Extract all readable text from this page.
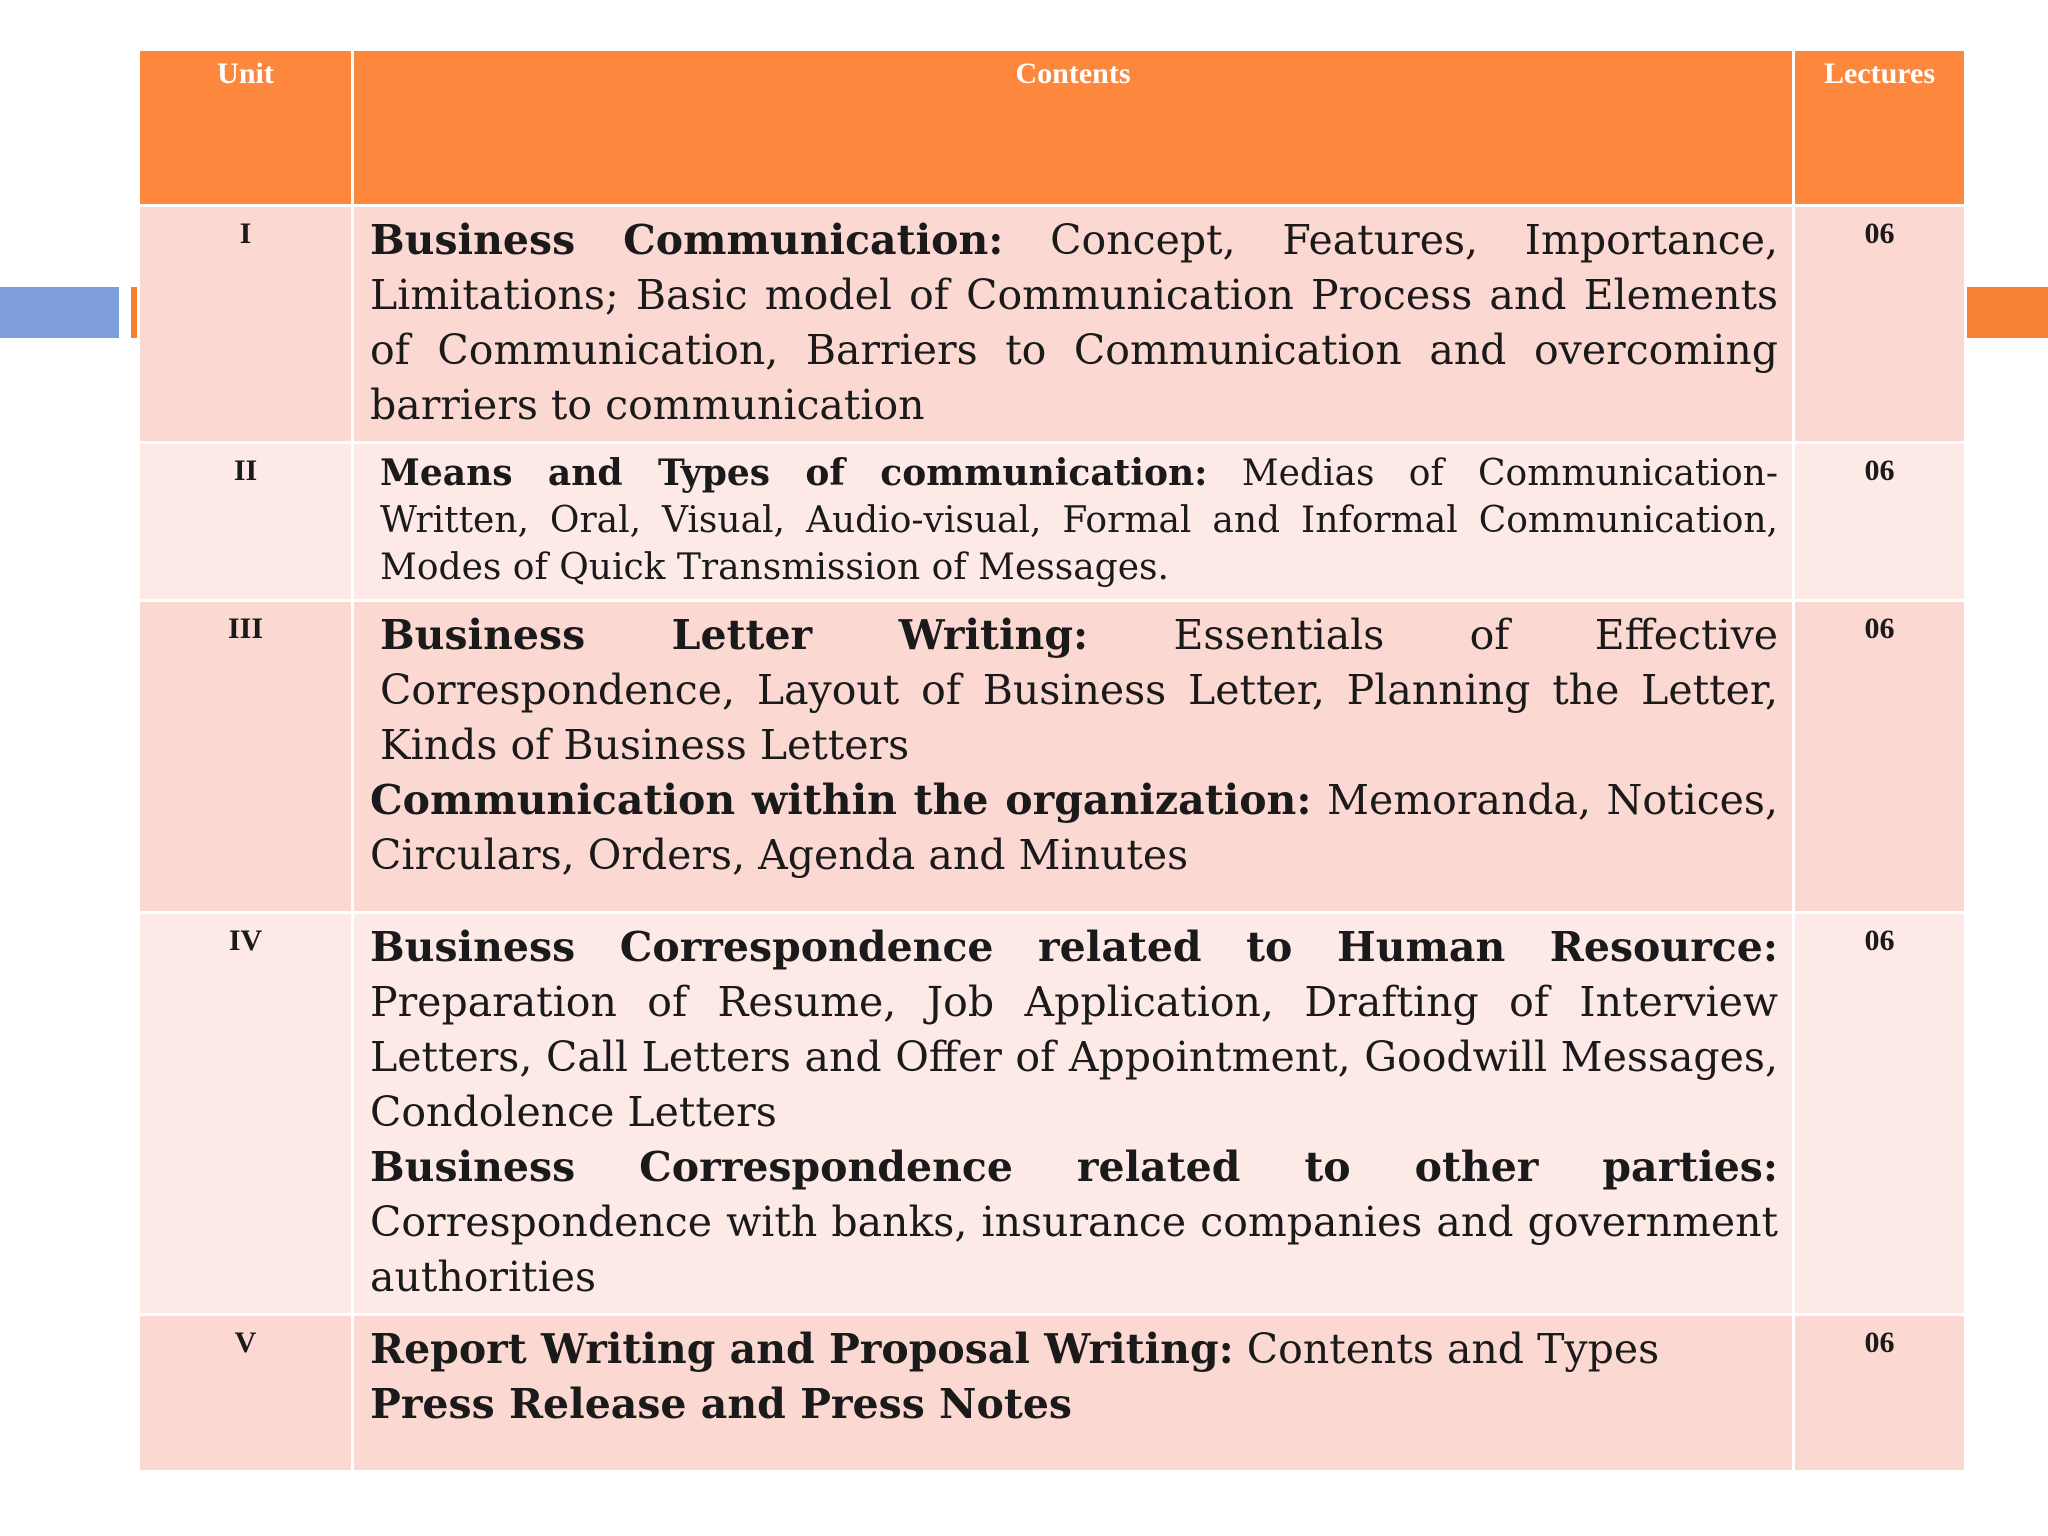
Unit	Contents	Lectures
I	Business Communication: Concept, Features, Importance, Limitations; Basic model of Communication Process and Elements of Communication, Barriers to Communication and overcoming barriers to communication	06
II	Means and Types of communication: Medias of Communication- Written, Oral, Visual, Audio-visual, Formal and Informal Communication, Modes of Quick Transmission of Messages.	06
III	Business Letter Writing: Essentials of Effective Correspondence, Layout of Business Letter, Planning the Letter, Kinds of Business Letters

Communication within the organization: Memoranda, Notices, Circulars, Orders, Agenda and Minutes	06
IV	Business Correspondence related to Human Resource: Preparation of Resume, Job Application, Drafting of Interview Letters, Call Letters and Offer of Appointment, Goodwill Messages, Condolence Letters

Business Correspondence related to other parties: Correspondence with banks, insurance companies and government authorities	06
V	Report Writing and Proposal Writing: Contents and Types

Press Release and Press Notes	06
